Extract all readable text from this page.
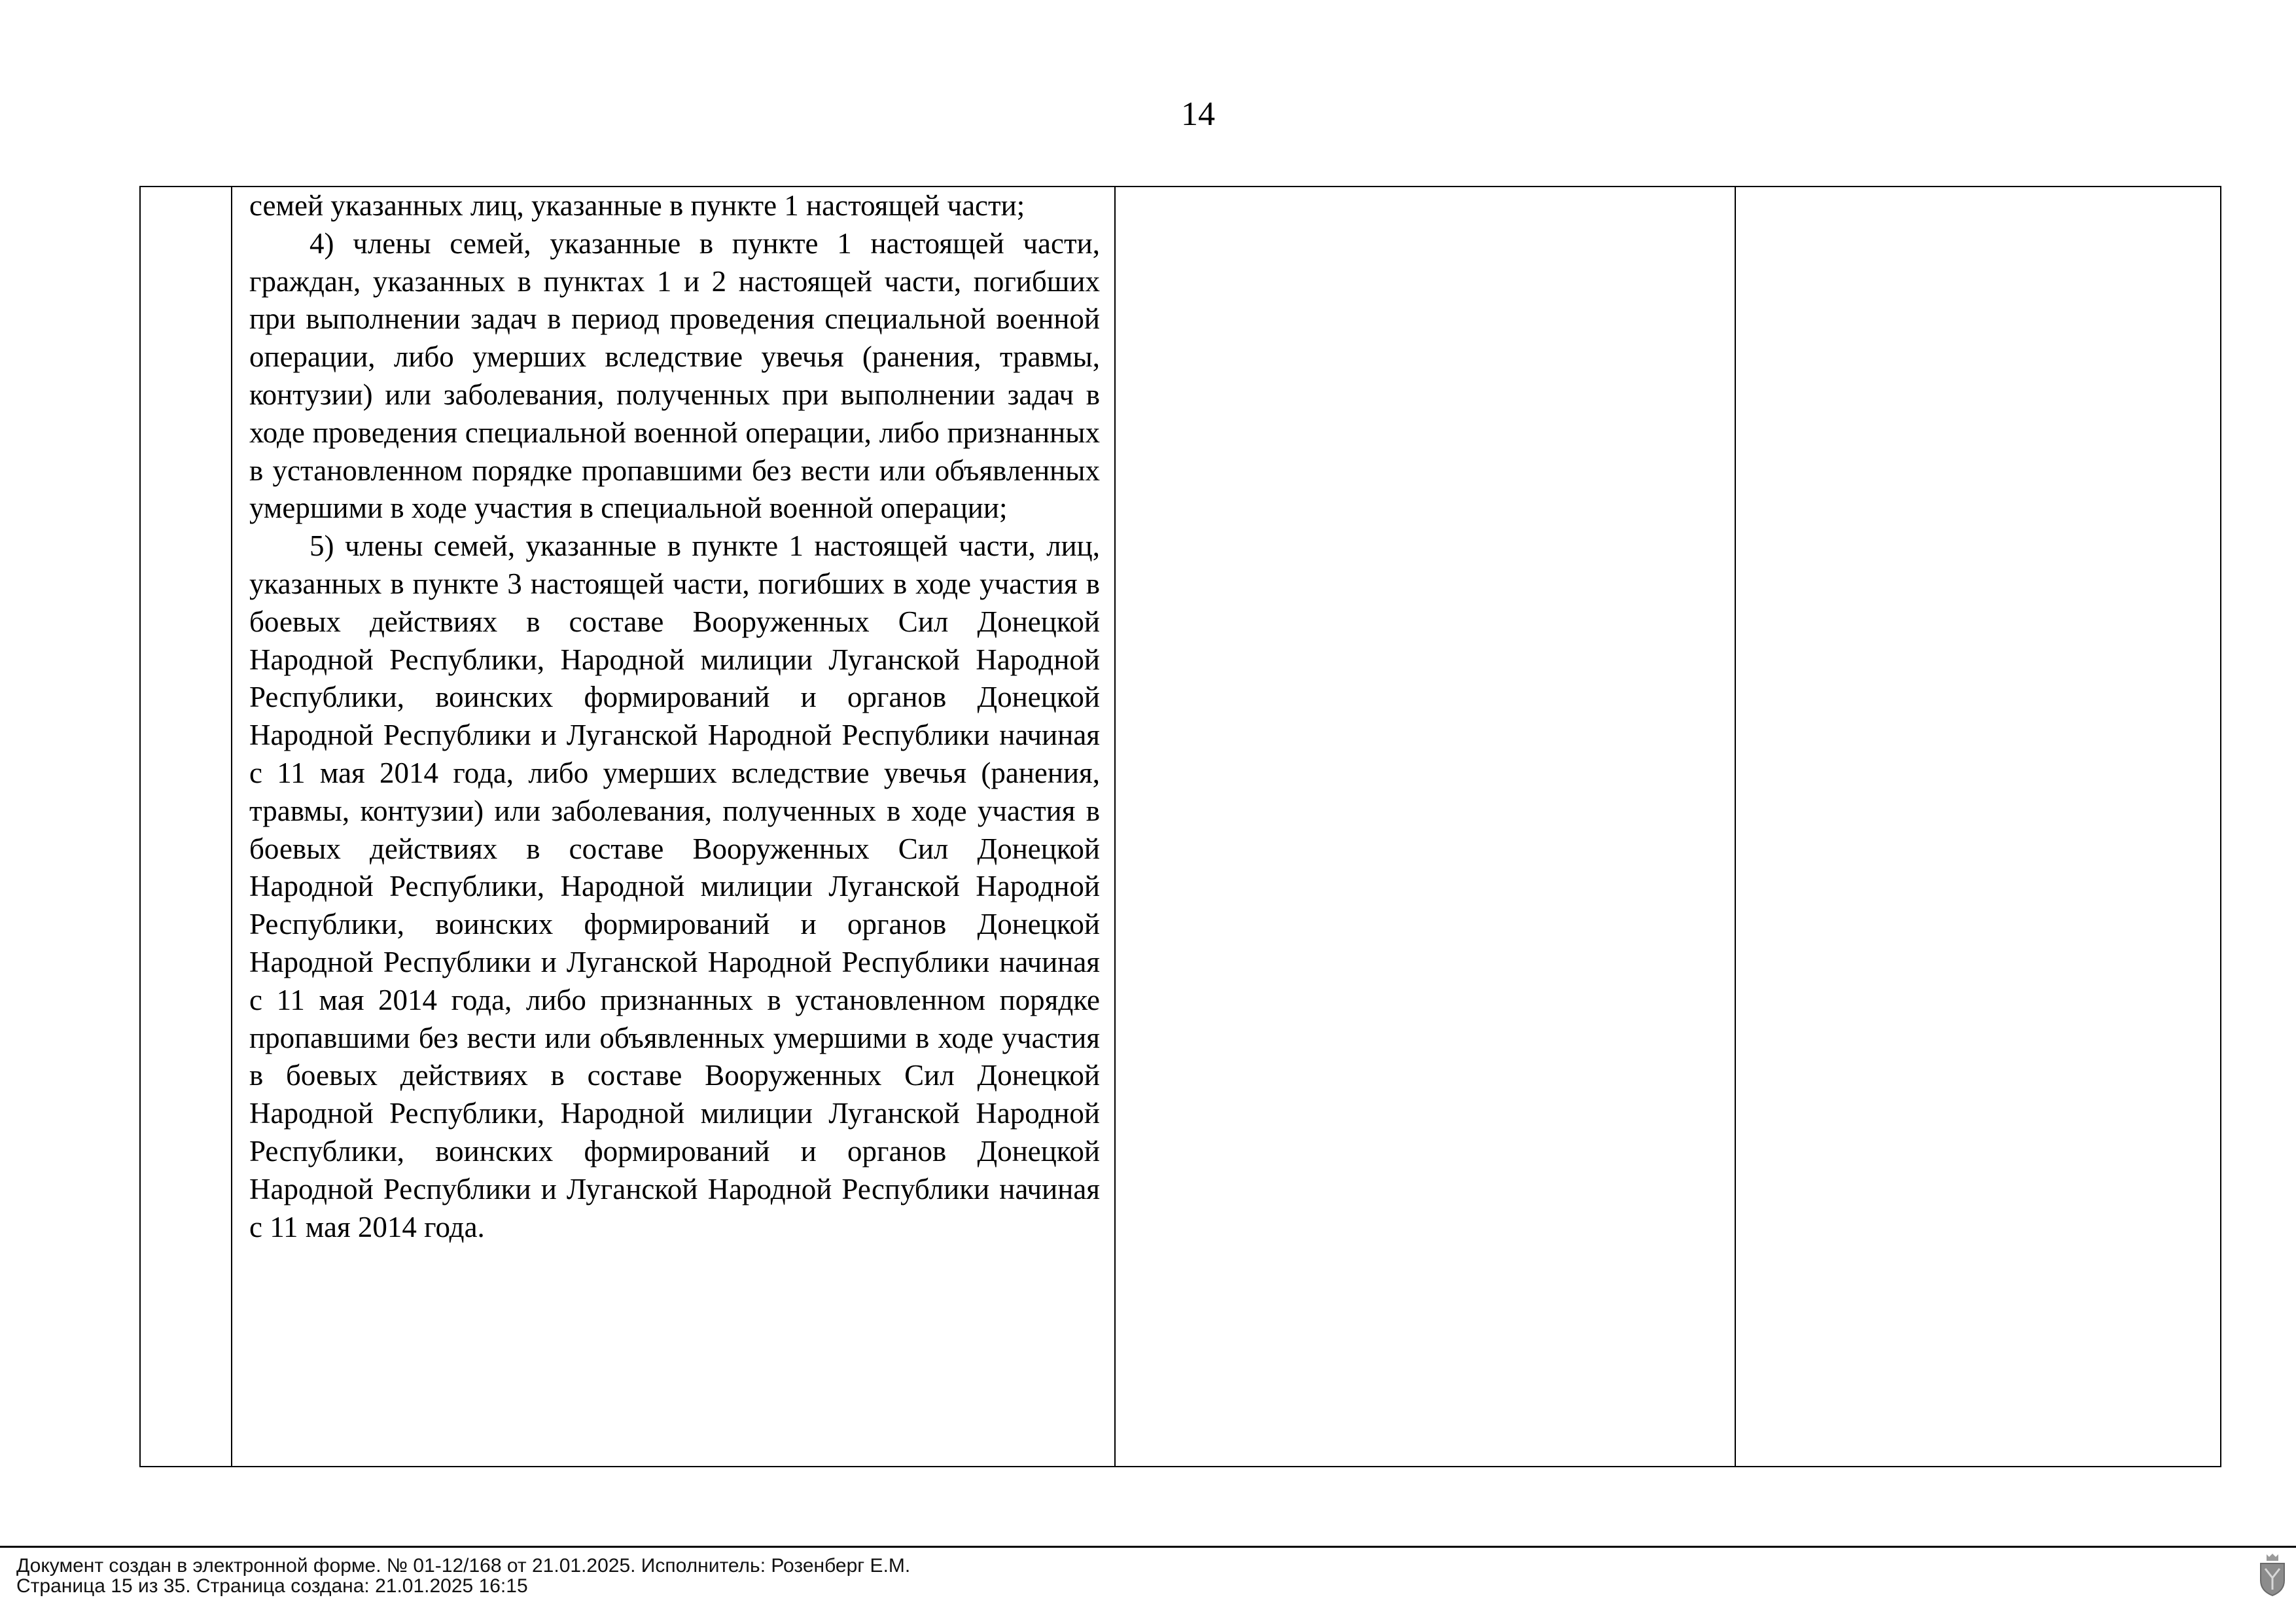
14

семей указанных лиц, указанные в пункте 1 настоящей части;

4) члены семей, указанные в пункте 1 настоящей части, граждан, указанных в пунктах 1 и 2 настоящей части, погибших при выполнении задач в период проведения специальной военной операции, либо умерших вследствие увечья (ранения, травмы, контузии) или заболевания, полученных при выполнении задач в ходе проведения специальной военной операции, либо признанных в установленном порядке пропавшими без вести или объявленных умершими в ходе участия в специальной военной операции;

5) члены семей, указанные в пункте 1 настоящей части, лиц, указанных в пункте 3 настоящей части, погибших в ходе участия в боевых действиях в составе Вооруженных Сил Донецкой Народной Республики, Народной милиции Луганской Народной Республики, воинских формирований и органов Донецкой Народной Республики и Луганской Народной Республики начиная с 11 мая 2014 года, либо умерших вследствие увечья (ранения, травмы, контузии) или заболевания, полученных в ходе участия в боевых действиях в составе Вооруженных Сил Донецкой Народной Республики, Народной милиции Луганской Народной Республики, воинских формирований и органов Донецкой Народной Республики и Луганской Народной Республики начиная с 11 мая 2014 года, либо признанных в установленном порядке пропавшими без вести или объявленных умершими в ходе участия в боевых действиях в составе Вооруженных Сил Донецкой Народной Республики, Народной милиции Луганской Народной Республики, воинских формирований и органов Донецкой Народной Республики и Луганской Народной Республики начиная с 11 мая 2014 года.

Документ создан в электронной форме. № 01-12/168 от 21.01.2025. Исполнитель: Розенберг Е.М.
Страница 15 из 35. Страница создана: 21.01.2025 16:15
